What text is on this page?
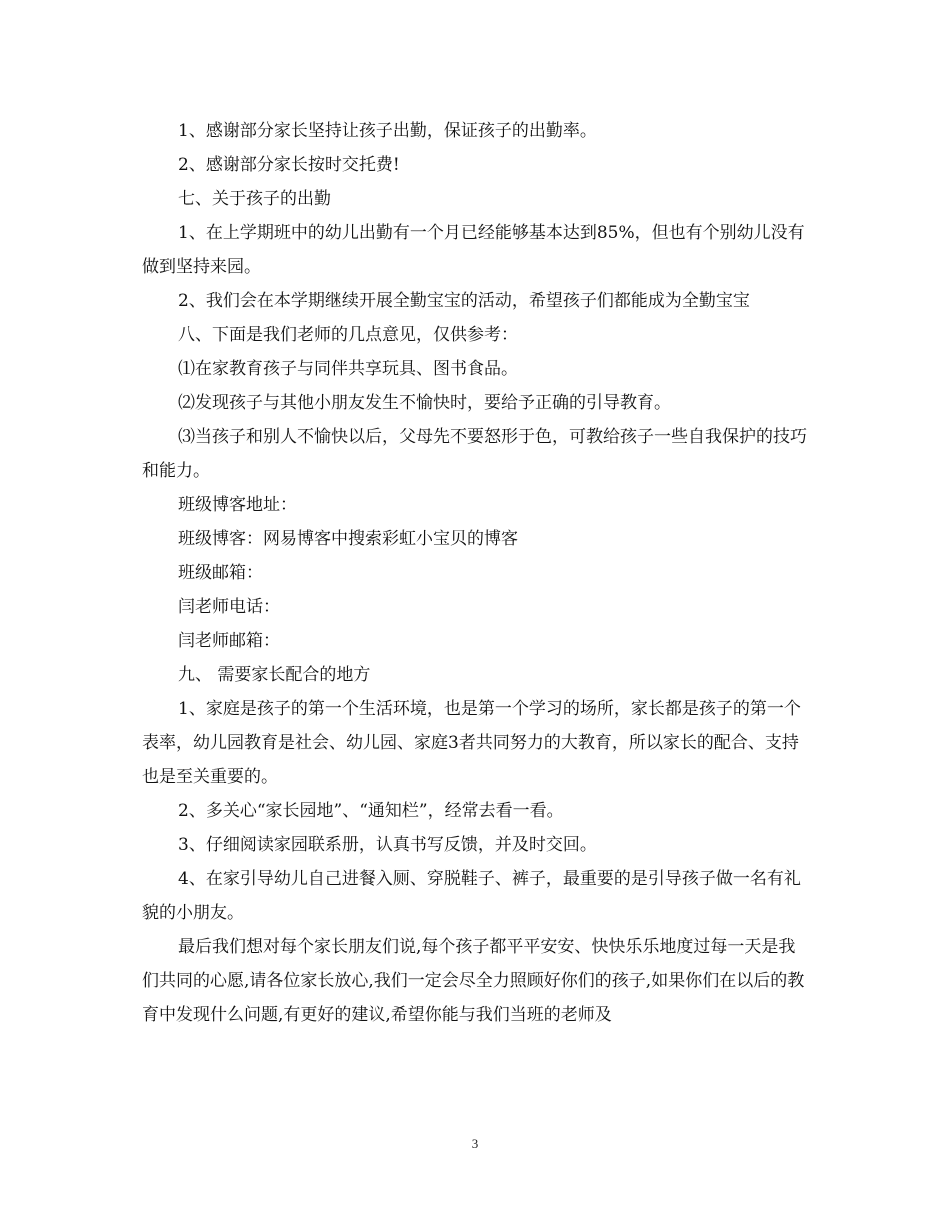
1、感谢部分家长坚持让孩子出勤，保证孩子的出勤率。

2、感谢部分家长按时交托费!

七、关于孩子的出勤

1、在上学期班中的幼儿出勤有一个月已经能够基本达到85%，但也有个别幼儿没有做到坚持来园。

2、我们会在本学期继续开展全勤宝宝的活动，希望孩子们都能成为全勤宝宝

八、下面是我们老师的几点意见，仅供参考：

⑴在家教育孩子与同伴共享玩具、图书食品。

⑵发现孩子与其他小朋友发生不愉快时，要给予正确的引导教育。

⑶当孩子和别人不愉快以后，父母先不要怒形于色，可教给孩子一些自我保护的技巧和能力。

班级博客地址：

班级博客：网易博客中搜索彩虹小宝贝的博客

班级邮箱：

闫老师电话：

闫老师邮箱：

九、 需要家长配合的地方

1、家庭是孩子的第一个生活环境，也是第一个学习的场所，家长都是孩子的第一个表率，幼儿园教育是社会、幼儿园、家庭3者共同努力的大教育，所以家长的配合、支持也是至关重要的。

2、多关心“家长园地”、“通知栏”，经常去看一看。

3、仔细阅读家园联系册，认真书写反馈，并及时交回。

4、在家引导幼儿自己进餐入厕、穿脱鞋子、裤子，最重要的是引导孩子做一名有礼貌的小朋友。

最后我们想对每个家长朋友们说,每个孩子都平平安安、快快乐乐地度过每一天是我们共同的心愿,请各位家长放心,我们一定会尽全力照顾好你们的孩子,如果你们在以后的教育中发现什么问题,有更好的建议,希望你能与我们当班的老师及

3
